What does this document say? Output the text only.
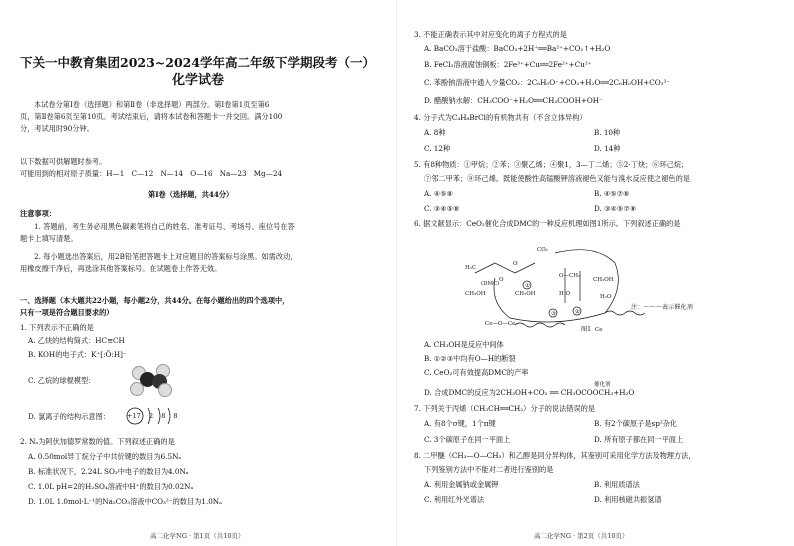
下关一中教育集团2023~2024学年高二年级下学期段考（一）
化学试卷
本试卷分第Ⅰ卷（选择题）和第Ⅱ卷（非选择题）两部分。第Ⅰ卷第1页至第6
页，第Ⅱ卷第6页至第10页。考试结束后，请将本试卷和答题卡一并交回。满分100
分，考试用时90分钟。
以下数据可供解题时参考。
可能用到的相对原子质量：H—1　C—12　N—14　O—16　Na—23　Mg—24
第Ⅰ卷（选择题，共44分）
注意事项：
1. 答题前，考生务必用黑色碳素笔将自己的姓名、准考证号、考场号、座位号在答
题卡上填写清楚。
2. 每小题选出答案后，用2B铅笔把答题卡上对应题目的答案标号涂黑。如需改动，
用橡皮擦干净后，再选涂其他答案标号。在试题卷上作答无效。
一、选择题（本大题共22小题，每小题2分，共44分。在每小题给出的四个选项中，
只有一项是符合题目要求的）
1. 下列表示不正确的是
A. 乙炔的结构简式：HC≡CH
B. KOH的电子式：K⁺[:Ö:H]⁻
C. 乙烷的球棍模型：
D. 氯离子的结构示意图：	+17 2 8 8
2. Nₐ为阿伏加德罗常数的值。下列叙述正确的是
A. 0.50mol异丁烷分子中共价键的数目为6.5Nₐ
B. 标准状况下，2.24L SO₃中电子的数目为4.0Nₐ
C. 1.0L pH=2的H₂SO₄溶液中H⁺的数目为0.02Nₐ
D. 1.0L 1.0mol·L⁻¹的Na₂CO₃溶液中CO₃²⁻的数目为1.0Nₐ
高二化学NG · 第1页（共10页）
3. 不能正确表示其中对应变化的离子方程式的是
A. BaCO₃溶于盐酸：BaCO₃+2H⁺══Ba²⁺+CO₂↑+H₂O
B. FeCl₃溶液腐蚀铜板：2Fe³⁺+Cu══2Fe²⁺+Cu²⁺
C. 苯酚钠溶液中通入少量CO₂：2C₆H₅O⁻+CO₂+H₂O══2C₆H₅OH+CO₃²⁻
D. 醋酸钠水解：CH₃COO⁻+H₂O══CH₃COOH+OH⁻
4. 分子式为C₄H₈BrCl的有机物共有（不含立体异构）
A. 8种	B. 10种
C. 12种	D. 14种
5. 有8种物质：①甲烷；②苯；③聚乙烯；④聚1，3—丁二烯；⑤2-丁炔；⑥环己烷；
⑦邻二甲苯；⑧环己烯。既能使酸性高锰酸钾溶液褪色又能与溴水反应使之褪色的是
A. ④⑤⑧	B. ④⑤⑦⑧
C. ③④⑤⑧	D. ③④⑤⑦⑧
6. 据文献显示：CeO₂催化合成DMC的一种反应机理如图1所示。下列叙述正确的是
H₃C
O
O
(DMC)
CH₃OH
CO₂
O—CH₃
CH₃OH	H O
CH₃OH
H₂O
①
②
③
Ce—O—Ce
Ce
注：～～～表示催化剂
图1
A. CH₃OH是反应中间体
B. ①②③中均有O—H的断裂
C. CeO₂可有效提高DMC的产率
D. 合成DMC的反应为2CH₃OH+CO₂ ══ CH₃OCOOCH₃+H₂O
催化剂
7. 下列关于丙烯（CH₃CH══CH₂）分子的说法错误的是
A. 有8个σ键，1个π键	B. 有2个碳原子是sp²杂化
C. 3个碳原子在同一平面上	D. 所有原子都在同一平面上
8. 二甲醚（CH₃—O—CH₃）和乙醇是同分异构体，其鉴别可采用化学方法及物理方法，
下列鉴别方法中不能对二者进行鉴别的是
A. 利用金属钠或金属钾	B. 利用质谱法
C. 利用红外光谱法	D. 利用核磁共振氢谱
高二化学NG · 第2页（共10页）
